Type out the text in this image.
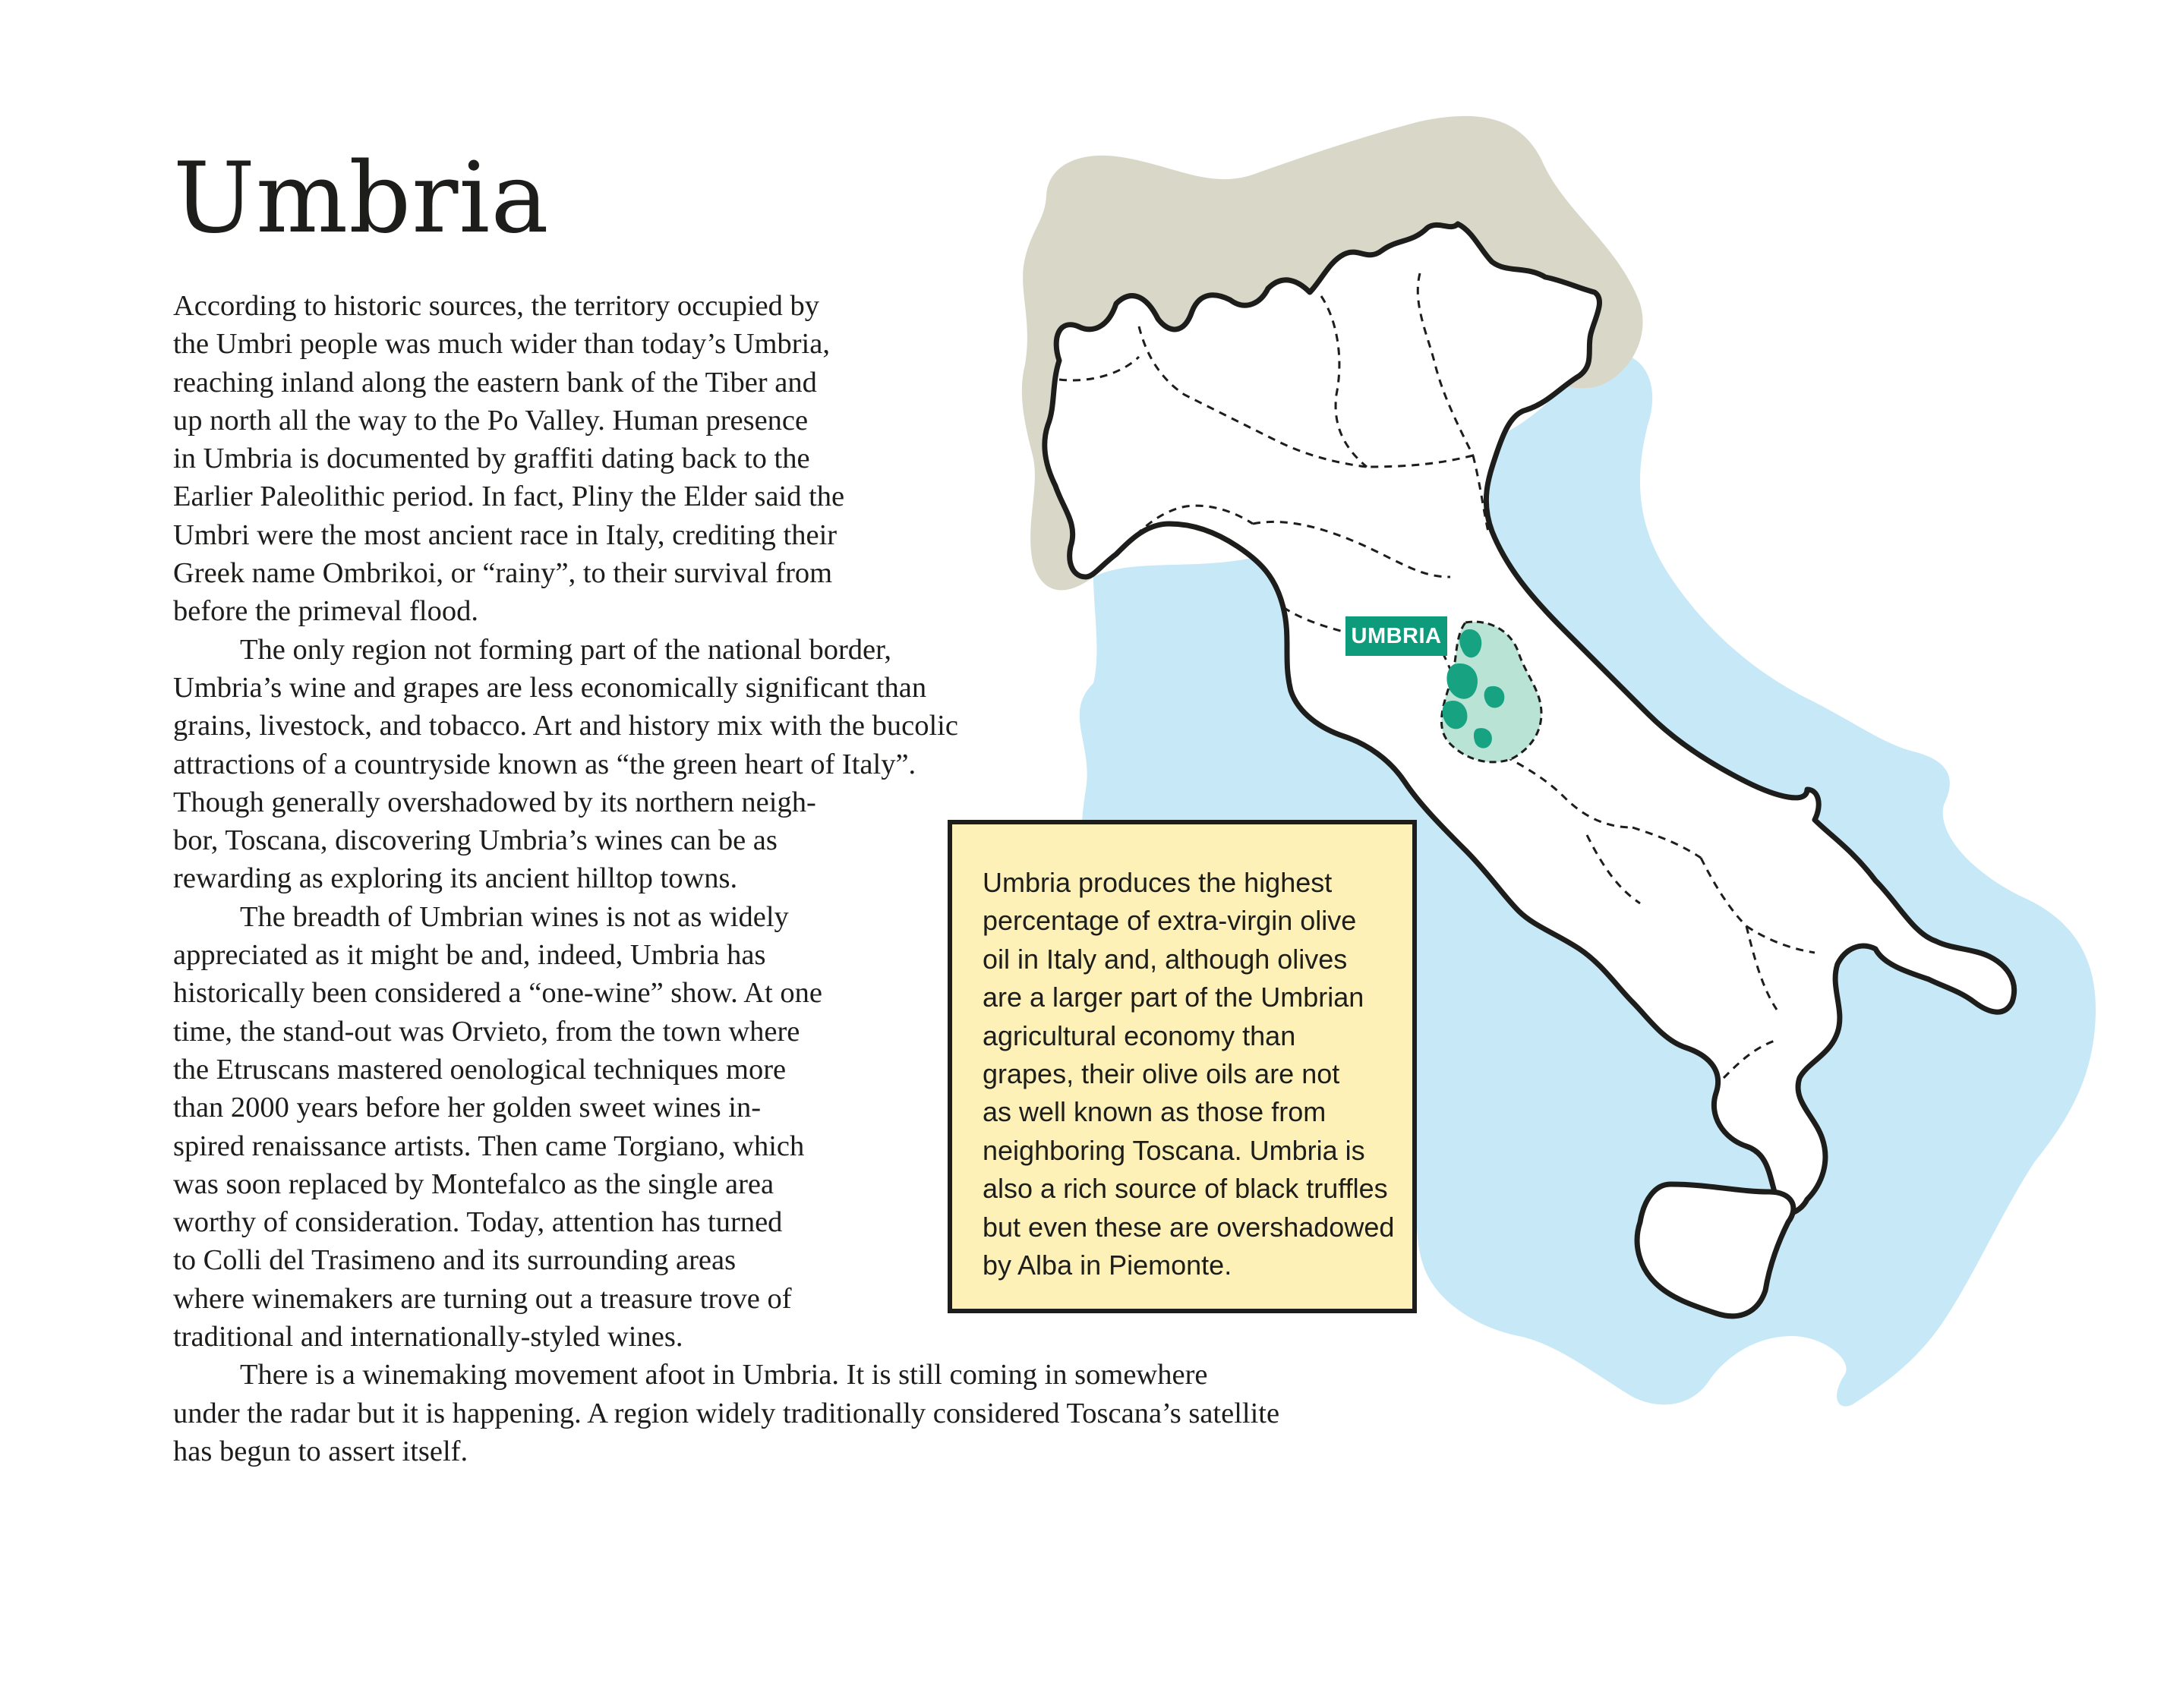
UMBRIA
Umbria

According to historic sources, the territory occupied by
the Umbri people was much wider than today’s Umbria,
reaching inland along the eastern bank of the Tiber and
up north all the way to the Po Valley. Human presence
in Umbria is documented by graffiti dating back to the
Earlier Paleolithic period. In fact, Pliny the Elder said the
Umbri were the most ancient race in Italy, crediting their
Greek name Ombrikoi, or “rainy”, to their survival from
before the primeval flood.

The only region not forming part of the national border,
Umbria’s wine and grapes are less economically significant than
grains, livestock, and tobacco. Art and history mix with the bucolic
attractions of a countryside known as “the green heart of Italy”.
Though generally overshadowed by its northern neigh-
bor, Toscana, discovering Umbria’s wines can be as
rewarding as exploring its ancient hilltop towns.

The breadth of Umbrian wines is not as widely
appreciated as it might be and, indeed, Umbria has
historically been considered a “one-wine” show. At one
time, the stand-out was Orvieto, from the town where
the Etruscans mastered oenological techniques more
than 2000 years before her golden sweet wines in-
spired renaissance artists. Then came Torgiano, which
was soon replaced by Montefalco as the single area
worthy of consideration. Today, attention has turned
to Colli del Trasimeno and its surrounding areas
where winemakers are turning out a treasure trove of
traditional and internationally-styled wines.

There is a winemaking movement afoot in Umbria. It is still coming in somewhere
under the radar but it is happening. A region widely traditionally considered Toscana’s satellite
has begun to assert itself.

Umbria produces the highest
percentage of extra-virgin olive
oil in Italy and, although olives
are a larger part of the Umbrian
agricultural economy than
grapes, their olive oils are not
as well known as those from
neighboring Toscana. Umbria is
also a rich source of black truffles
but even these are overshadowed
by Alba in Piemonte.
